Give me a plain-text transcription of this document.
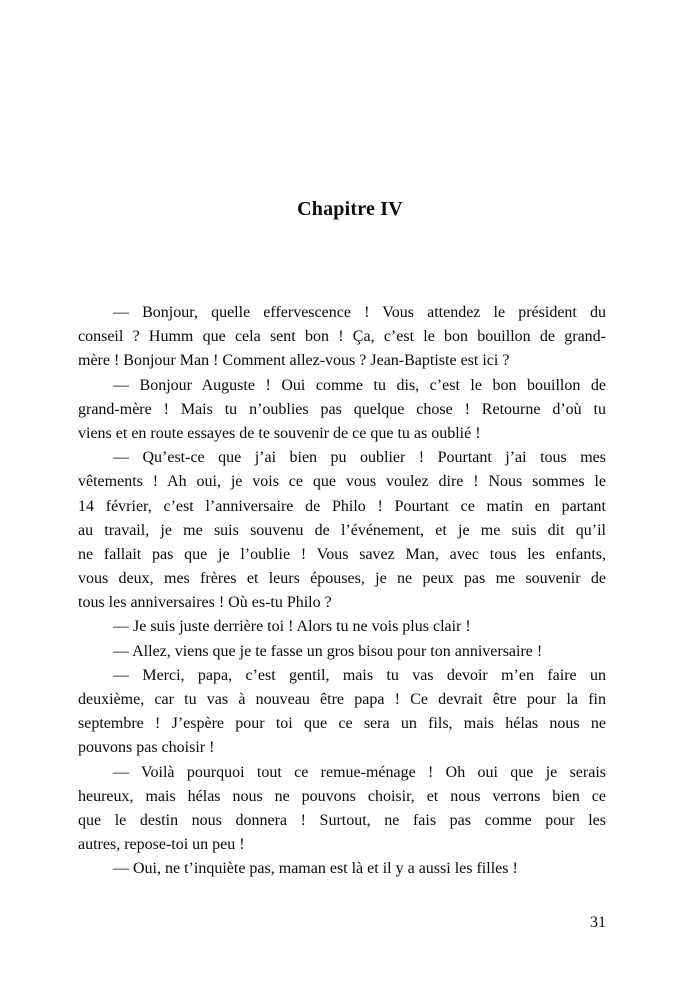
Chapitre IV
— Bonjour, quelle effervescence ! Vous attendez le président du
conseil ? Humm que cela sent bon ! Ça, c’est le bon bouillon de grand-
mère ! Bonjour Man ! Comment allez-vous ? Jean-Baptiste est ici ?
— Bonjour Auguste ! Oui comme tu dis, c’est le bon bouillon de
grand-mère ! Mais tu n’oublies pas quelque chose ! Retourne d’où tu
viens et en route essayes de te souvenir de ce que tu as oublié !
— Qu’est-ce que j’ai bien pu oublier ! Pourtant j’ai tous mes
vêtements ! Ah oui, je vois ce que vous voulez dire ! Nous sommes le
14 février, c’est l’anniversaire de Philo ! Pourtant ce matin en partant
au travail, je me suis souvenu de l’événement, et je me suis dit qu’il
ne fallait pas que je l’oublie ! Vous savez Man, avec tous les enfants,
vous deux, mes frères et leurs épouses, je ne peux pas me souvenir de
tous les anniversaires ! Où es-tu Philo ?
— Je suis juste derrière toi ! Alors tu ne vois plus clair !
— Allez, viens que je te fasse un gros bisou pour ton anniversaire !
— Merci, papa, c’est gentil, mais tu vas devoir m’en faire un
deuxième, car tu vas à nouveau être papa ! Ce devrait être pour la fin
septembre ! J’espère pour toi que ce sera un fils, mais hélas nous ne
pouvons pas choisir !
— Voilà pourquoi tout ce remue-ménage ! Oh oui que je serais
heureux, mais hélas nous ne pouvons choisir, et nous verrons bien ce
que le destin nous donnera ! Surtout, ne fais pas comme pour les
autres, repose-toi un peu !
— Oui, ne t’inquiète pas, maman est là et il y a aussi les filles !
31
